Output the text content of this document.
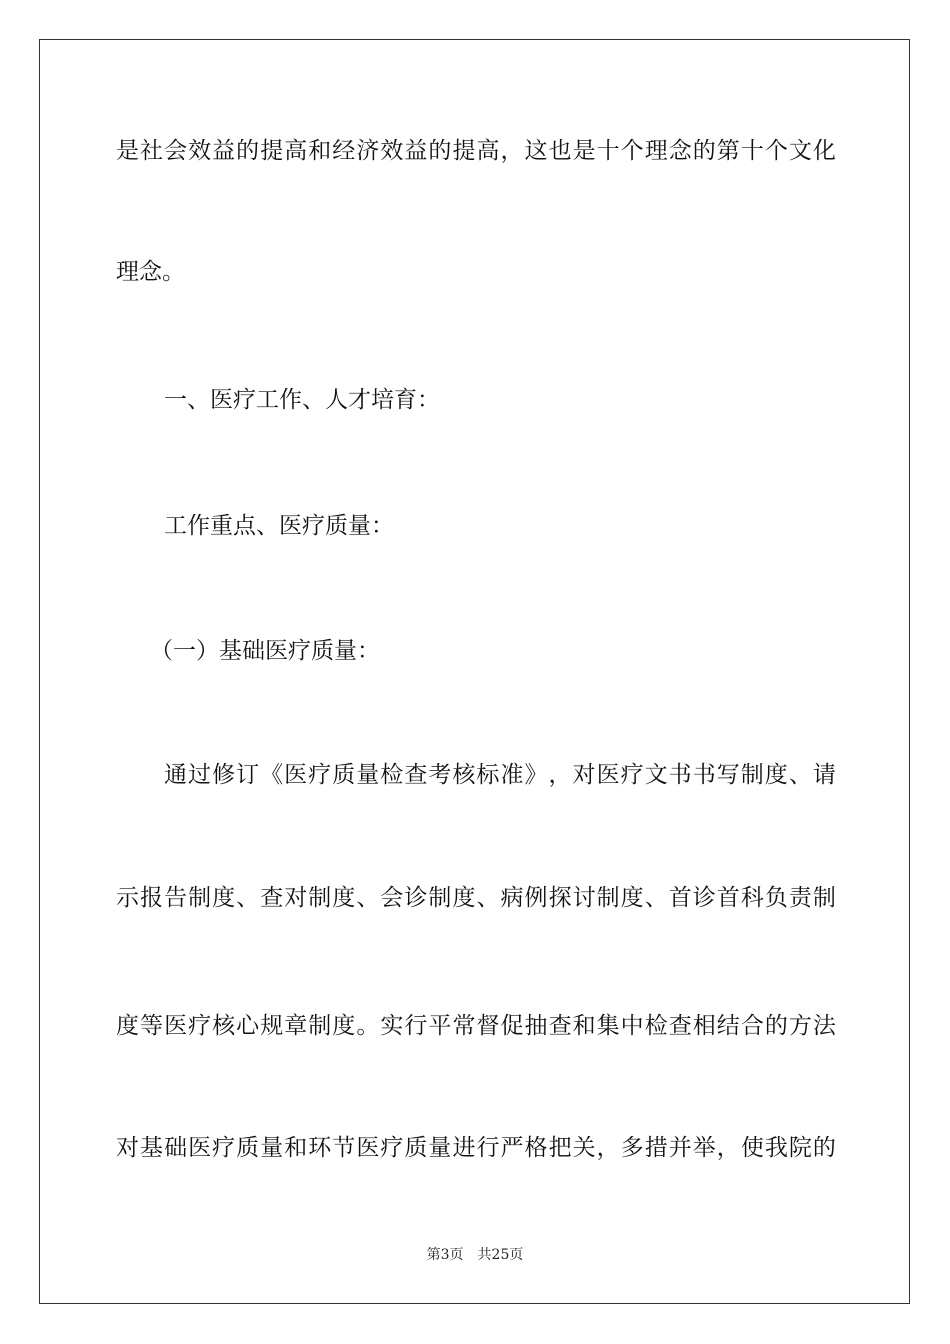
是 社 会 效 益 的 提 高 和 经 济 效 益 的 提 高 ， 这 也 是 十 个 理 念 的 第 十 个 文 化
理念。
一、医疗工作、人才培育：
工作重点、医疗质量：
（一）基础医疗质量：
通 过 修 订 《 医 疗 质 量 检 查 考 核 标 准 》 ， 对 医 疗 文 书 书 写 制 度 、 请
示 报 告 制 度 、 查 对 制 度 、 会 诊 制 度 、 病 例 探 讨 制 度 、 首 诊 首 科 负 责 制
度 等 医 疗 核 心 规 章 制 度 。 实 行 平 常 督 促 抽 查 和 集 中 检 查 相 结 合 的 方 法
对 基 础 医 疗 质 量 和 环 节 医 疗 质 量 进 行 严 格 把 关 ， 多 措 并 举 ， 使 我 院 的
第3页 共25页
